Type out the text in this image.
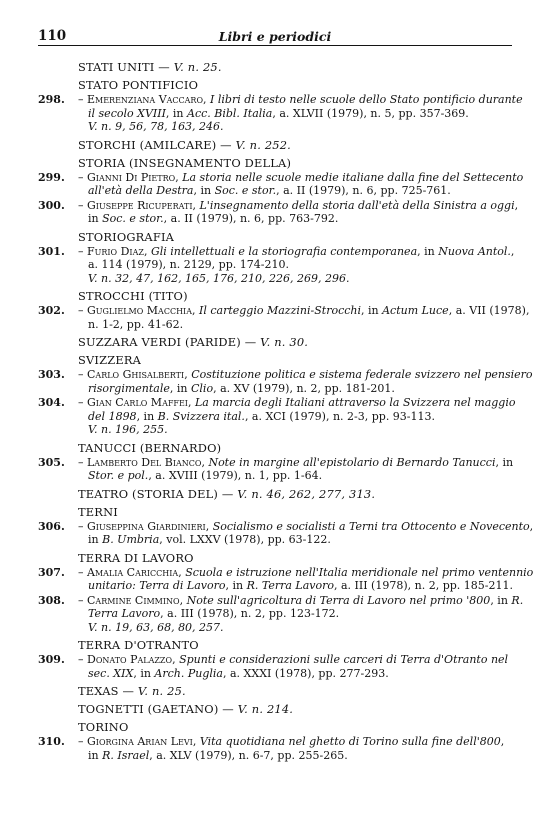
110	Libri e periodici
STATI UNITI — V. n. 25.
STATO PONTIFICIO
298. – Emerenziana Vaccaro, I libri di testo nelle scuole dello Stato pontificio durante
il secolo XVIII, in Acc. Bibl. Italia, a. XLVII (1979), n. 5, pp. 357-369.
V. n. 9, 56, 78, 163, 246.
STORCHI (AMILCARE) — V. n. 252.
STORIA (INSEGNAMENTO DELLA)
299. – Gianni Di Pietro, La storia nelle scuole medie italiane dalla fine del Settecento
all'età della Destra, in Soc. e stor., a. II (1979), n. 6, pp. 725-761.
300. – Giuseppe Ricuperati, L'insegnamento della storia dall'età della Sinistra a oggi,
in Soc. e stor., a. II (1979), n. 6, pp. 763-792.
STORIOGRAFIA
301. – Furio Diaz, Gli intellettuali e la storiografia contemporanea, in Nuova Antol.,
a. 114 (1979), n. 2129, pp. 174-210.
V. n. 32, 47, 162, 165, 176, 210, 226, 269, 296.
STROCCHI (TITO)
302. – Guglielmo Macchia, Il carteggio Mazzini-Strocchi, in Actum Luce, a. VII (1978),
n. 1-2, pp. 41-62.
SUZZARA VERDI (PARIDE) — V. n. 30.
SVIZZERA
303. – Carlo Ghisalberti, Costituzione politica e sistema federale svizzero nel pensiero
risorgimentale, in Clio, a. XV (1979), n. 2, pp. 181-201.
304. – Gian Carlo Maffei, La marcia degli Italiani attraverso la Svizzera nel maggio
del 1898, in B. Svizzera ital., a. XCI (1979), n. 2-3, pp. 93-113.
V. n. 196, 255.
TANUCCI (BERNARDO)
305. – Lamberto Del Bianco, Note in margine all'epistolario di Bernardo Tanucci, in
Stor. e pol., a. XVIII (1979), n. 1, pp. 1-64.
TEATRO (STORIA DEL) — V. n. 46, 262, 277, 313.
TERNI
306. – Giuseppina Giardinieri, Socialismo e socialisti a Terni tra Ottocento e Novecento,
in B. Umbria, vol. LXXV (1978), pp. 63-122.
TERRA DI LAVORO
307. – Amalia Caricchia, Scuola e istruzione nell'Italia meridionale nel primo ventennio
unitario: Terra di Lavoro, in R. Terra Lavoro, a. III (1978), n. 2, pp. 185-211.
308. – Carmine Cimmino, Note sull'agricoltura di Terra di Lavoro nel primo '800, in R.
Terra Lavoro, a. III (1978), n. 2, pp. 123-172.
V. n. 19, 63, 68, 80, 257.
TERRA D'OTRANTO
309. – Donato Palazzo, Spunti e considerazioni sulle carceri di Terra d'Otranto nel
sec. XIX, in Arch. Puglia, a. XXXI (1978), pp. 277-293.
TEXAS — V. n. 25.
TOGNETTI (GAETANO) — V. n. 214.
TORINO
310. – Giorgina Arian Levi, Vita quotidiana nel ghetto di Torino sulla fine dell'800,
in R. Israel, a. XLV (1979), n. 6-7, pp. 255-265.
